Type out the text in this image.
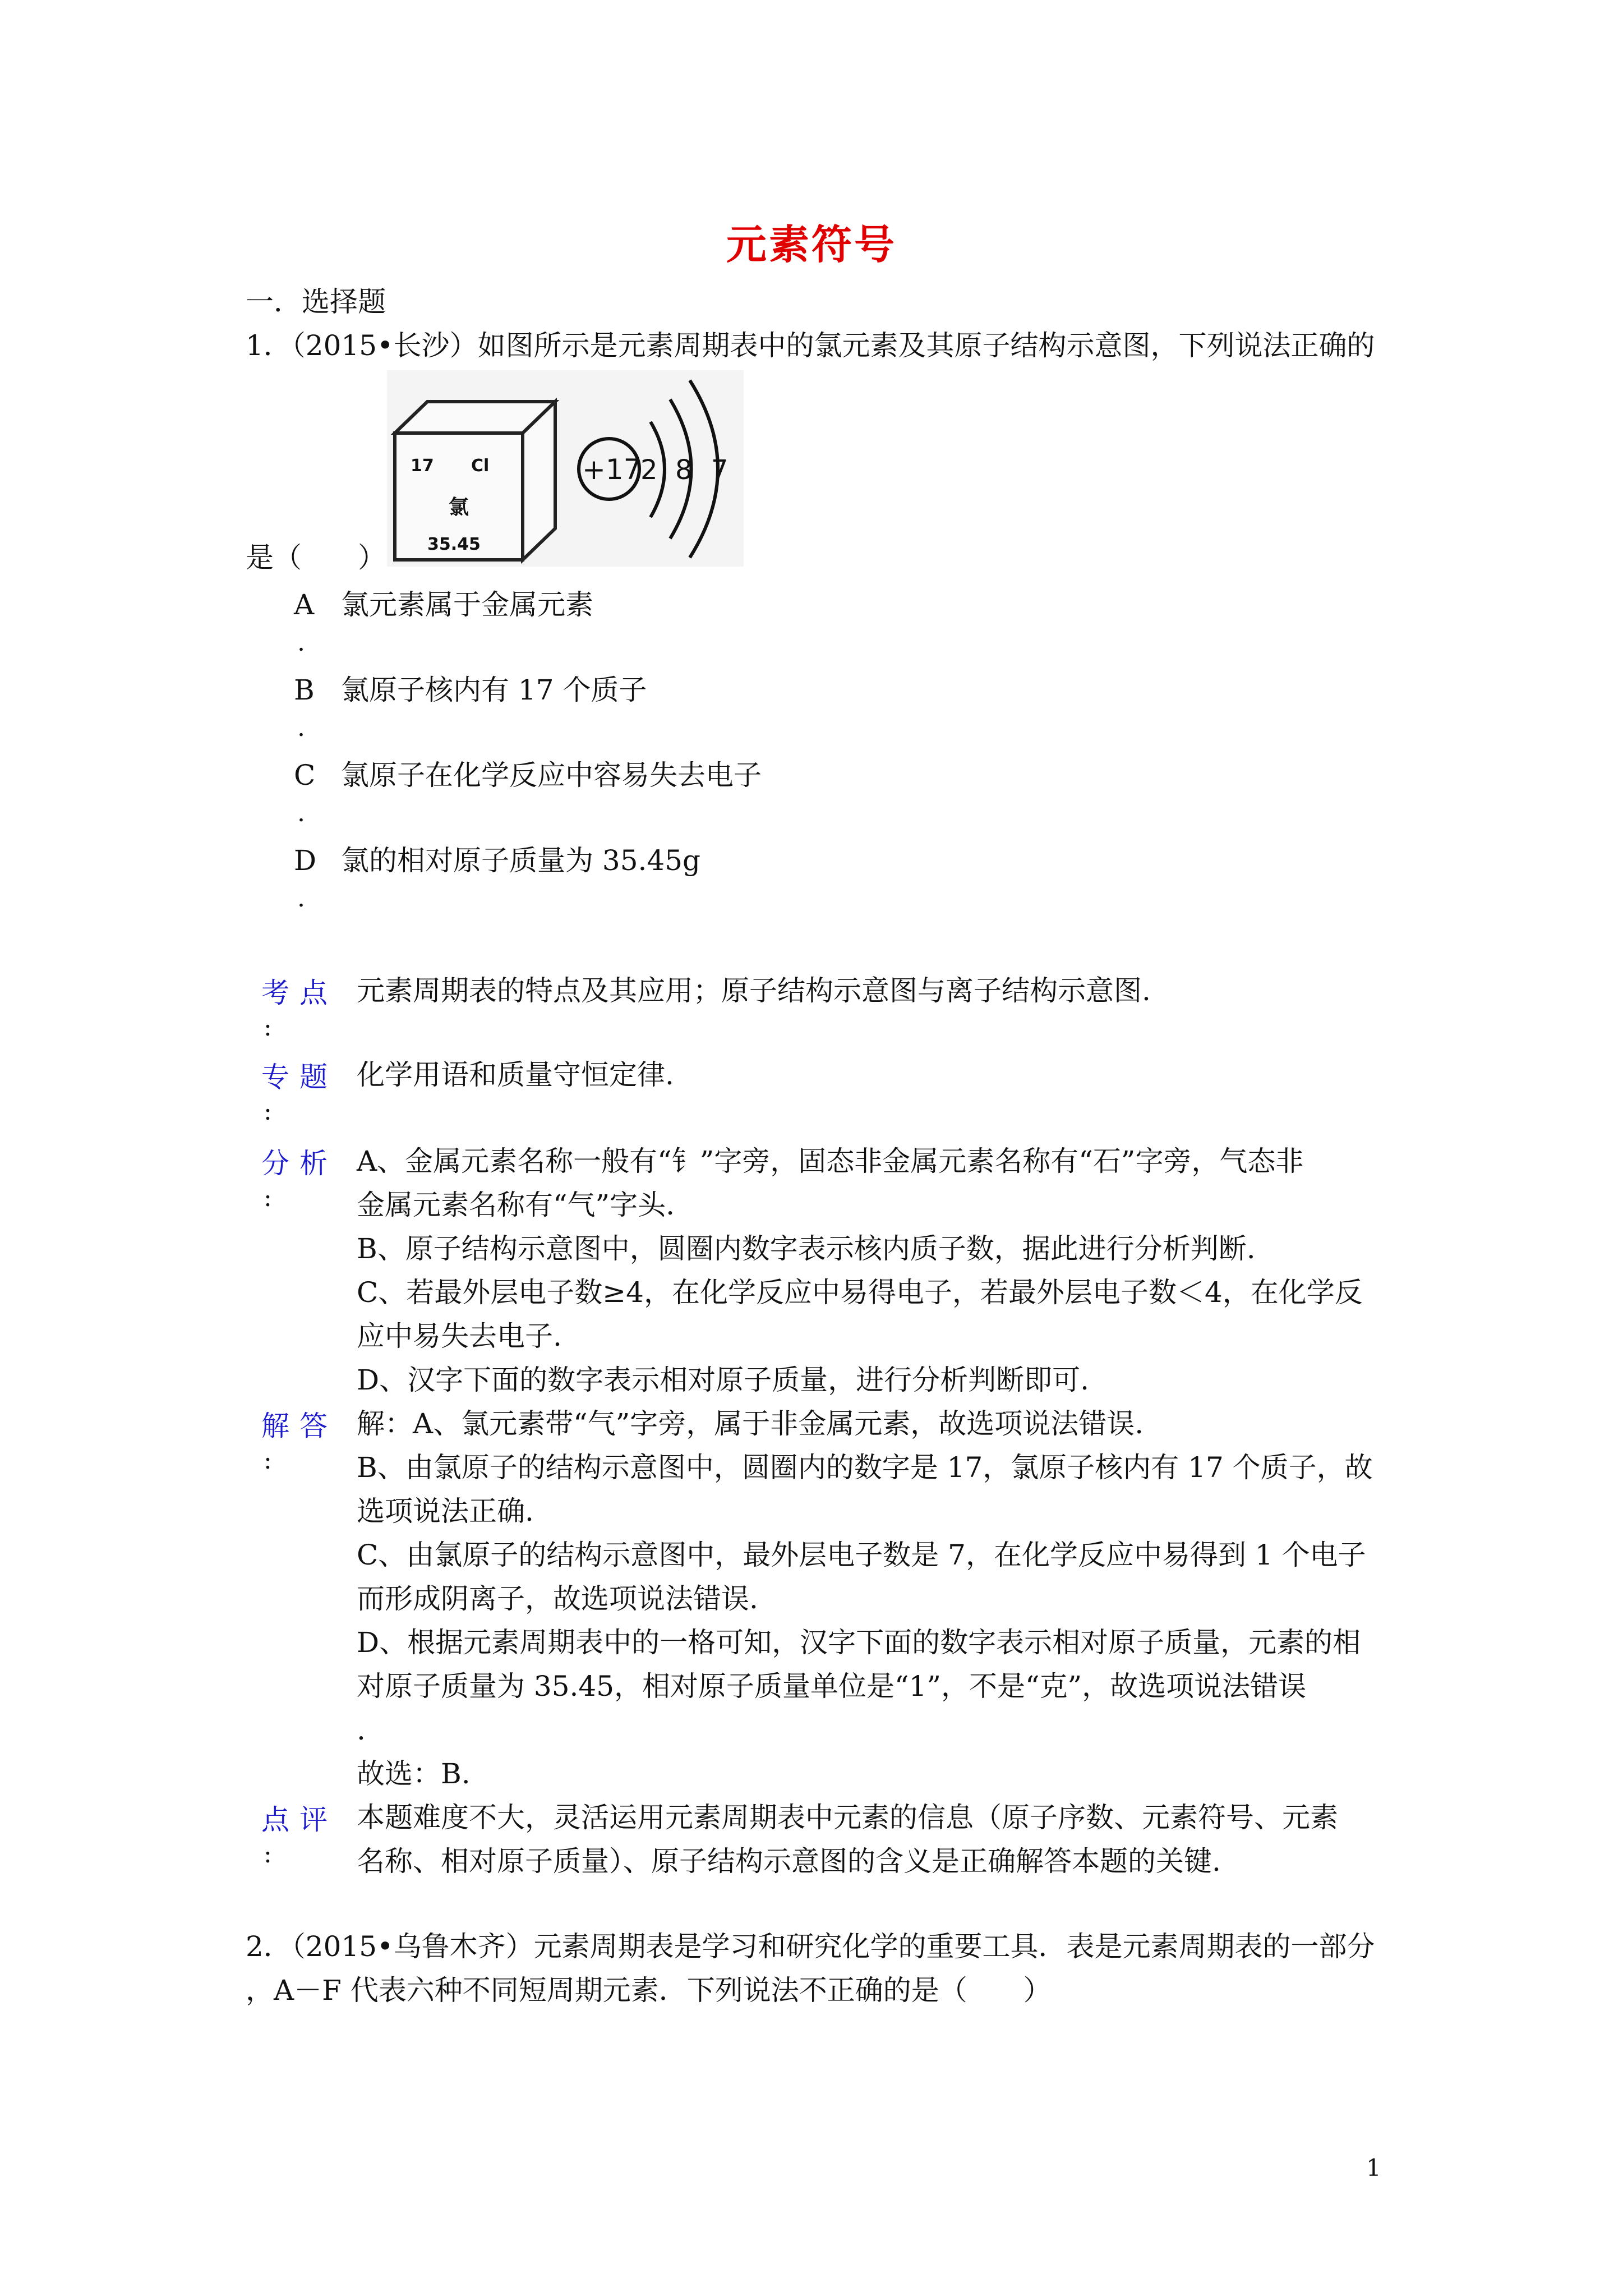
元素符号
一．选择题
1．（2015•长沙）如图所示是元素周期表中的氯元素及其原子结构示意图，下列说法正确的
17 Cl
氯
35.45
+17
2 8 7
是（　　）
A 氯元素属于金属元素
.
B 氯原子核内有 17 个质子
.
C 氯原子在化学反应中容易失去电子
.
D 氯的相对原子质量为 35.45g
.
考点
:
元素周期表的特点及其应用；原子结构示意图与离子结构示意图.
专题
:
化学用语和质量守恒定律.
分析
:
A、金属元素名称一般有“钅”字旁，固态非金属元素名称有“石”字旁，气态非
金属元素名称有“气”字头.
B、原子结构示意图中，圆圈内数字表示核内质子数，据此进行分析判断.
C、若最外层电子数≥4，在化学反应中易得电子，若最外层电子数＜4，在化学反
应中易失去电子.
D、汉字下面的数字表示相对原子质量，进行分析判断即可.
解答
:
解：A、氯元素带“气”字旁，属于非金属元素，故选项说法错误.
B、由氯原子的结构示意图中，圆圈内的数字是 17，氯原子核内有 17 个质子，故
选项说法正确.
C、由氯原子的结构示意图中，最外层电子数是 7，在化学反应中易得到 1 个电子
而形成阴离子，故选项说法错误.
D、根据元素周期表中的一格可知，汉字下面的数字表示相对原子质量，元素的相
对原子质量为 35.45，相对原子质量单位是“1”，不是“克”，故选项说法错误
.
故选：B.
点评
:
本题难度不大，灵活运用元素周期表中元素的信息（原子序数、元素符号、元素
名称、相对原子质量）、原子结构示意图的含义是正确解答本题的关键.
2．（2015•乌鲁木齐）元素周期表是学习和研究化学的重要工具．表是元素周期表的一部分
，A－F 代表六种不同短周期元素．下列说法不正确的是（　　）
1
